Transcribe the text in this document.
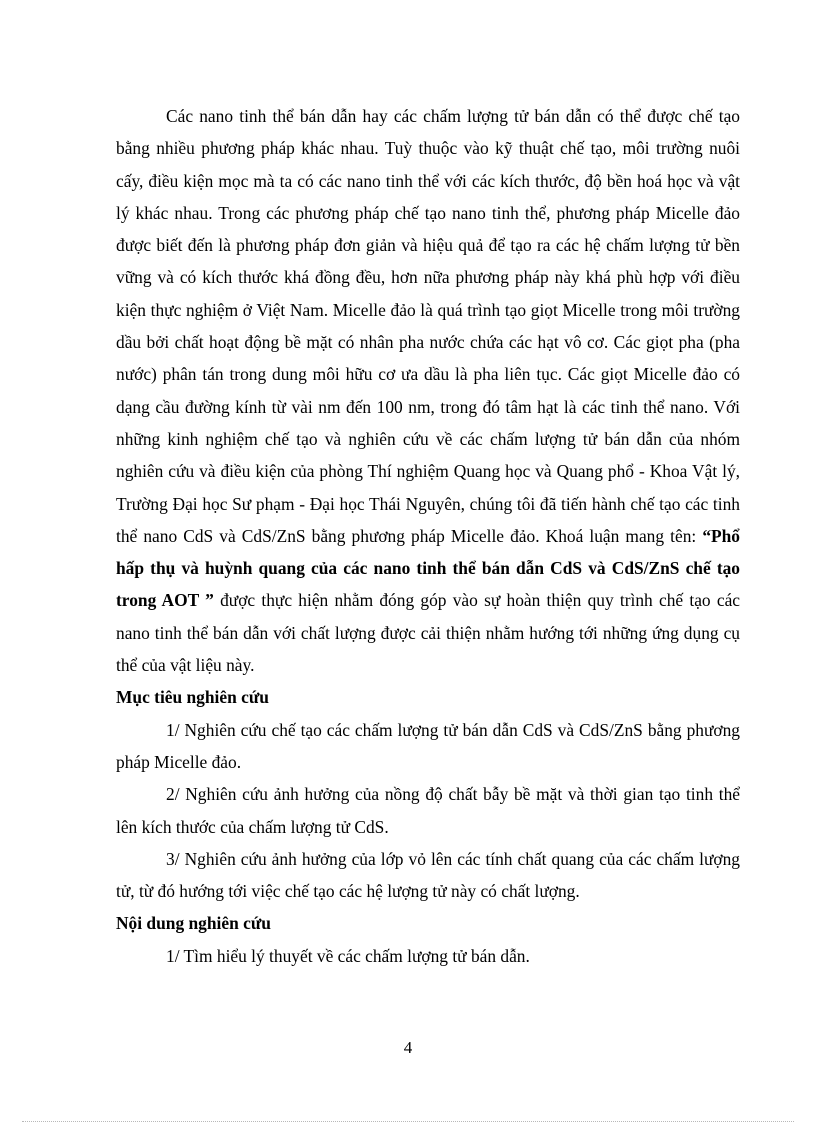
Các nano tinh thể bán dẫn hay các chấm lượng tử bán dẫn có thể được chế tạo bằng nhiều phương pháp khác nhau. Tuỳ thuộc vào kỹ thuật chế tạo, môi trường nuôi cấy, điều kiện mọc mà ta có các nano tinh thể với các kích thước, độ bền hoá học và vật lý khác nhau. Trong các phương pháp chế tạo nano tinh thể, phương pháp Micelle đảo được biết đến là phương pháp đơn giản và hiệu quả để tạo ra các hệ chấm lượng tử bền vững và có kích thước khá đồng đều, hơn nữa phương pháp này khá phù hợp với điều kiện thực nghiệm ở Việt Nam. Micelle đảo là quá trình tạo giọt Micelle trong môi trường dầu bởi chất hoạt động bề mặt có nhân pha nước chứa các hạt vô cơ. Các giọt pha (pha nước) phân tán trong dung môi hữu cơ ưa dầu là pha liên tục. Các giọt Micelle đảo có dạng cầu đường kính từ vài nm đến 100 nm, trong đó tâm hạt là các tinh thể nano. Với những kinh nghiệm chế tạo và nghiên cứu về các chấm lượng tử bán dẫn của nhóm nghiên cứu và điều kiện của phòng Thí nghiệm Quang học và Quang phổ - Khoa Vật lý, Trường Đại học Sư phạm - Đại học Thái Nguyên, chúng tôi đã tiến hành chế tạo các tinh thể nano CdS và CdS/ZnS bằng phương pháp Micelle đảo. Khoá luận mang tên: “Phổ hấp thụ và huỳnh quang của các nano tinh thể bán dẫn CdS và CdS/ZnS chế tạo trong AOT ” được thực hiện nhằm đóng góp vào sự hoàn thiện quy trình chế tạo các nano tinh thể bán dẫn với chất lượng được cải thiện nhằm hướng tới những ứng dụng cụ thể của vật liệu này.

Mục tiêu nghiên cứu

1/ Nghiên cứu chế tạo các chấm lượng tử bán dẫn CdS và CdS/ZnS bằng phương pháp Micelle đảo.

2/ Nghiên cứu ảnh hưởng của nồng độ chất bẫy bề mặt và thời gian tạo tinh thể lên kích thước của chấm lượng tử CdS.

3/ Nghiên cứu ảnh hưởng của lớp vỏ lên các tính chất quang của các chấm lượng tử, từ đó hướng tới việc chế tạo các hệ lượng tử này có chất lượng.

Nội dung nghiên cứu

1/ Tìm hiểu lý thuyết về các chấm lượng tử bán dẫn.

4
